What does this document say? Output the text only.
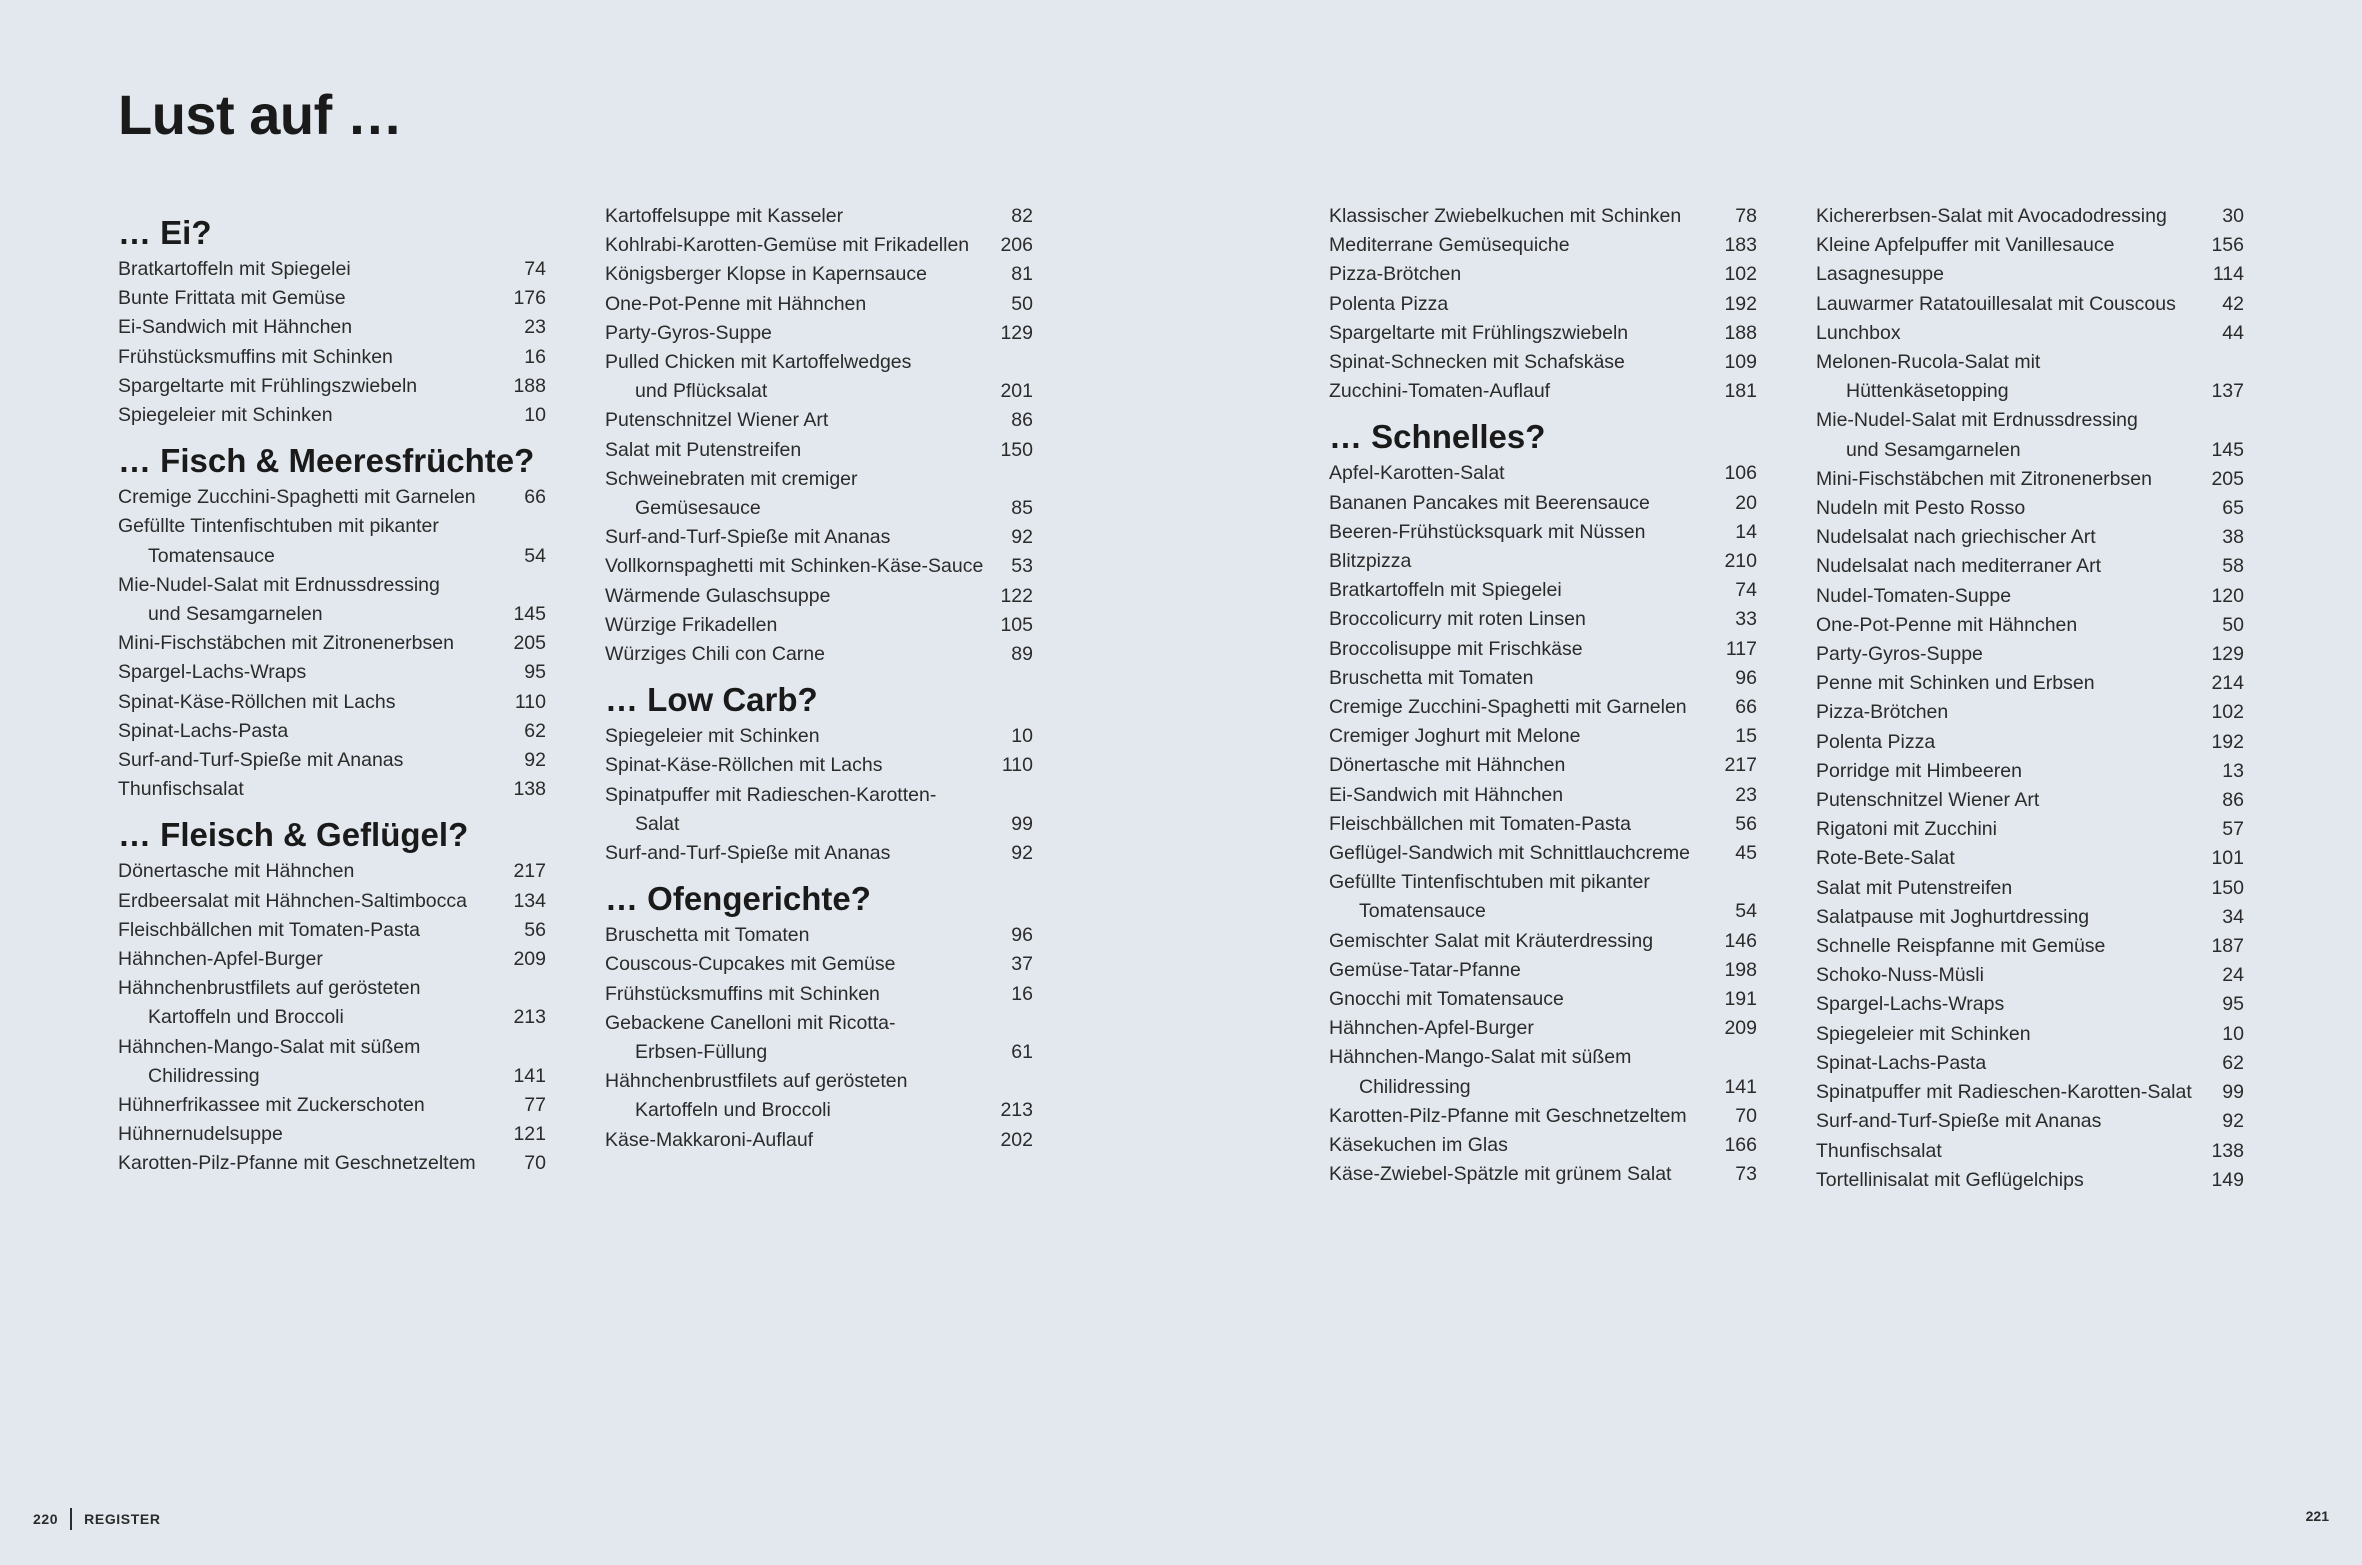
Lust auf …
… Ei?
Bratkartoffeln mit Spiegelei	74
Bunte Frittata mit Gemüse	176
Ei-Sandwich mit Hähnchen	23
Frühstücksmuffins mit Schinken	16
Spargeltarte mit Frühlingszwiebeln	188
Spiegeleier mit Schinken	10
… Fisch & Meeresfrüchte?
Cremige Zucchini-Spaghetti mit Garnelen	66
Gefüllte Tintenfischtuben mit pikanter
Tomatensauce	54
Mie-Nudel-Salat mit Erdnussdressing
und Sesamgarnelen	145
Mini-Fischstäbchen mit Zitronenerbsen	205
Spargel-Lachs-Wraps	95
Spinat-Käse-Röllchen mit Lachs	110
Spinat-Lachs-Pasta	62
Surf-and-Turf-Spieße mit Ananas	92
Thunfischsalat	138
… Fleisch & Geflügel?
Dönertasche mit Hähnchen	217
Erdbeersalat mit Hähnchen-Saltimbocca	134
Fleischbällchen mit Tomaten-Pasta	56
Hähnchen-Apfel-Burger	209
Hähnchenbrustfilets auf gerösteten
Kartoffeln und Broccoli	213
Hähnchen-Mango-Salat mit süßem
Chilidressing	141
Hühnerfrikassee mit Zuckerschoten	77
Hühnernudelsuppe	121
Karotten-Pilz-Pfanne mit Geschnetzeltem	70
Kartoffelsuppe mit Kasseler	82
Kohlrabi-Karotten-Gemüse mit Frikadellen	206
Königsberger Klopse in Kapernsauce	81
One-Pot-Penne mit Hähnchen	50
Party-Gyros-Suppe	129
Pulled Chicken mit Kartoffelwedges
und Pflücksalat	201
Putenschnitzel Wiener Art	86
Salat mit Putenstreifen	150
Schweinebraten mit cremiger
Gemüsesauce	85
Surf-and-Turf-Spieße mit Ananas	92
Vollkornspaghetti mit Schinken-Käse-Sauce	53
Wärmende Gulaschsuppe	122
Würzige Frikadellen	105
Würziges Chili con Carne	89
… Low Carb?
Spiegeleier mit Schinken	10
Spinat-Käse-Röllchen mit Lachs	110
Spinatpuffer mit Radieschen-Karotten-
Salat	99
Surf-and-Turf-Spieße mit Ananas	92
… Ofengerichte?
Bruschetta mit Tomaten	96
Couscous-Cupcakes mit Gemüse	37
Frühstücksmuffins mit Schinken	16
Gebackene Canelloni mit Ricotta-
Erbsen-Füllung	61
Hähnchenbrustfilets auf gerösteten
Kartoffeln und Broccoli	213
Käse-Makkaroni-Auflauf	202
Klassischer Zwiebelkuchen mit Schinken	78
Mediterrane Gemüsequiche	183
Pizza-Brötchen	102
Polenta Pizza	192
Spargeltarte mit Frühlingszwiebeln	188
Spinat-Schnecken mit Schafskäse	109
Zucchini-Tomaten-Auflauf	181
… Schnelles?
Apfel-Karotten-Salat	106
Bananen Pancakes mit Beerensauce	20
Beeren-Frühstücksquark mit Nüssen	14
Blitzpizza	210
Bratkartoffeln mit Spiegelei	74
Broccolicurry mit roten Linsen	33
Broccolisuppe mit Frischkäse	117
Bruschetta mit Tomaten	96
Cremige Zucchini-Spaghetti mit Garnelen	66
Cremiger Joghurt mit Melone	15
Dönertasche mit Hähnchen	217
Ei-Sandwich mit Hähnchen	23
Fleischbällchen mit Tomaten-Pasta	56
Geflügel-Sandwich mit Schnittlauchcreme	45
Gefüllte Tintenfischtuben mit pikanter
Tomatensauce	54
Gemischter Salat mit Kräuterdressing	146
Gemüse-Tatar-Pfanne	198
Gnocchi mit Tomatensauce	191
Hähnchen-Apfel-Burger	209
Hähnchen-Mango-Salat mit süßem
Chilidressing	141
Karotten-Pilz-Pfanne mit Geschnetzeltem	70
Käsekuchen im Glas	166
Käse-Zwiebel-Spätzle mit grünem Salat	73
Kichererbsen-Salat mit Avocadodressing	30
Kleine Apfelpuffer mit Vanillesauce	156
Lasagnesuppe	114
Lauwarmer Ratatouillesalat mit Couscous	42
Lunchbox	44
Melonen-Rucola-Salat mit
Hüttenkäsetopping	137
Mie-Nudel-Salat mit Erdnussdressing
und Sesamgarnelen	145
Mini-Fischstäbchen mit Zitronenerbsen	205
Nudeln mit Pesto Rosso	65
Nudelsalat nach griechischer Art	38
Nudelsalat nach mediterraner Art	58
Nudel-Tomaten-Suppe	120
One-Pot-Penne mit Hähnchen	50
Party-Gyros-Suppe	129
Penne mit Schinken und Erbsen	214
Pizza-Brötchen	102
Polenta Pizza	192
Porridge mit Himbeeren	13
Putenschnitzel Wiener Art	86
Rigatoni mit Zucchini	57
Rote-Bete-Salat	101
Salat mit Putenstreifen	150
Salatpause mit Joghurtdressing	34
Schnelle Reispfanne mit Gemüse	187
Schoko-Nuss-Müsli	24
Spargel-Lachs-Wraps	95
Spiegeleier mit Schinken	10
Spinat-Lachs-Pasta	62
Spinatpuffer mit Radieschen-Karotten-Salat	99
Surf-and-Turf-Spieße mit Ananas	92
Thunfischsalat	138
Tortellinisalat mit Geflügelchips	149
220 REGISTER	221
